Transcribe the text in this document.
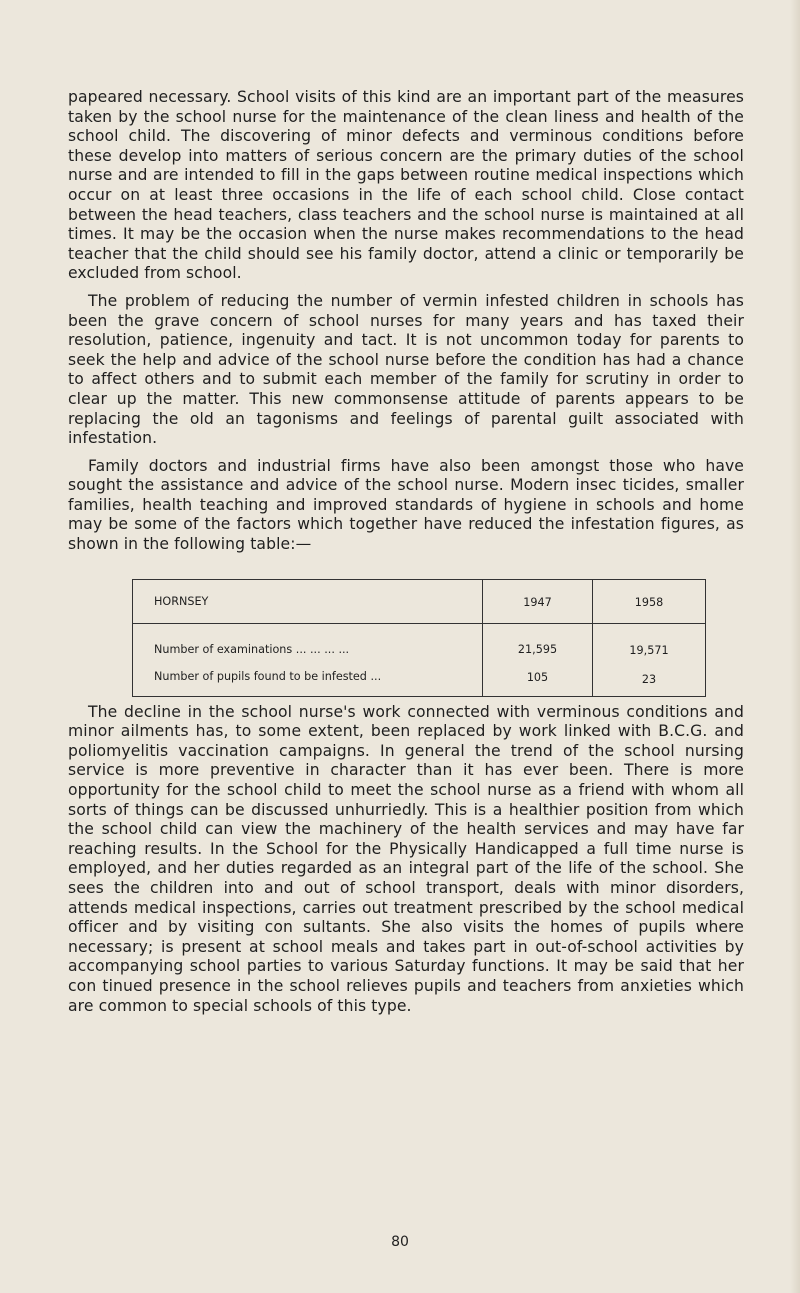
papeared necessary. School visits of this kind are an important part of the measures taken by the school nurse for the maintenance of the clean liness and health of the school child. The discovering of minor defects and verminous conditions before these develop into matters of serious concern are the primary duties of the school nurse and are intended to fill in the gaps between routine medical inspections which occur on at least three occasions in the life of each school child. Close contact between the head teachers, class teachers and the school nurse is maintained at all times. It may be the occasion when the nurse makes recommendations to the head teacher that the child should see his family doctor, attend a clinic or temporarily be excluded from school.

The problem of reducing the number of vermin infested children in schools has been the grave concern of school nurses for many years and has taxed their resolution, patience, ingenuity and tact. It is not uncommon today for parents to seek the help and advice of the school nurse before the condition has had a chance to affect others and to submit each member of the family for scrutiny in order to clear up the matter. This new commonsense attitude of parents appears to be replacing the old an tagonisms and feelings of parental guilt associated with infestation.

Family doctors and industrial firms have also been amongst those who have sought the assistance and advice of the school nurse. Modern insec ticides, smaller families, health teaching and improved standards of hygiene in schools and home may be some of the factors which together have reduced the infestation figures, as shown in the following table:—

HORNSEY	1947	1958
Number of examinations ... ... ... ...	21,595	19,571
Number of pupils found to be infested ...	105	23

The decline in the school nurse's work connected with verminous conditions and minor ailments has, to some extent, been replaced by work linked with B.C.G. and poliomyelitis vaccination campaigns. In general the trend of the school nursing service is more preventive in character than it has ever been. There is more opportunity for the school child to meet the school nurse as a friend with whom all sorts of things can be discussed unhurriedly. This is a healthier position from which the school child can view the machinery of the health services and may have far reaching results. In the School for the Physically Handicapped a full time nurse is employed, and her duties regarded as an integral part of the life of the school. She sees the children into and out of school transport, deals with minor disorders, attends medical inspections, carries out treatment prescribed by the school medical officer and by visiting con sultants. She also visits the homes of pupils where necessary; is present at school meals and takes part in out-of-school activities by accompanying school parties to various Saturday functions. It may be said that her con tinued presence in the school relieves pupils and teachers from anxieties which are common to special schools of this type.

80
